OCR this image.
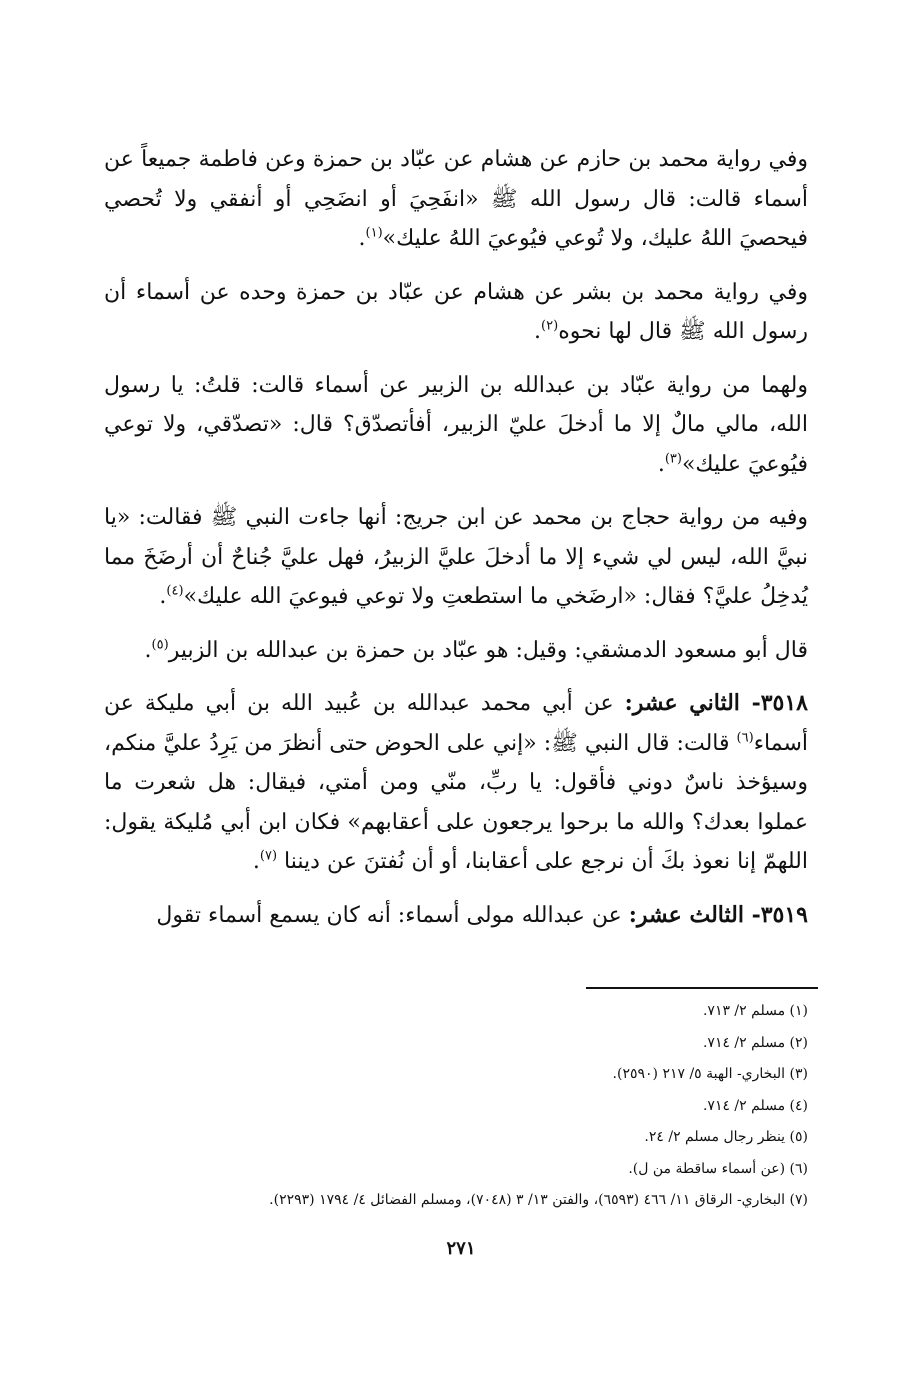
وفي رواية محمد بن حازم عن هشام عن عبّاد بن حمزة وعن فاطمة جميعاً عن أسماء قالت: قال رسول الله ﷺ «انفَحِيَ أو انضَحِي أو أنفقي ولا تُحصي فيحصيَ اللهُ عليك، ولا تُوعي فيُوعيَ اللهُ عليك»$^{(١)}$.

وفي رواية محمد بن بشر عن هشام عن عبّاد بن حمزة وحده عن أسماء أن رسول الله ﷺ قال لها نحوه$^{(٢)}$.

ولهما من رواية عبّاد بن عبدالله بن الزبير عن أسماء قالت: قلتُ: يا رسول الله، مالي مالٌ إلا ما أدخلَ عليّ الزبير، أفأتصدّق؟ قال: «تصدّقي، ولا توعي فيُوعيَ عليك»$^{(٣)}$.

وفيه من رواية حجاج بن محمد عن ابن جريج: أنها جاءت النبي ﷺ فقالت: «يا نبيَّ الله، ليس لي شيء إلا ما أدخلَ عليَّ الزبيرُ، فهل عليَّ جُناحٌ أن أرضَخَ مما يُدخِلُ عليَّ؟ فقال: «ارضَخي ما استطعتِ ولا توعي فيوعيَ الله عليك»$^{(٤)}$.

قال أبو مسعود الدمشقي: وقيل: هو عبّاد بن حمزة بن عبدالله بن الزبير$^{(٥)}$.

٣٥١٨- الثاني عشر: عن أبي محمد عبدالله بن عُبيد الله بن أبي مليكة عن أسماء$^{(٦)}$ قالت: قال النبي ﷺ: «إني على الحوض حتى أنظرَ من يَرِدُ عليَّ منكم، وسيؤخذ ناسٌ دوني فأقول: يا ربِّ، منّي ومن أمتي، فيقال: هل شعرت ما عملوا بعدك؟ والله ما برحوا يرجعون على أعقابهم» فكان ابن أبي مُليكة يقول: اللهمّ إنا نعوذ بكَ أن نرجع على أعقابنا، أو أن نُفتنَ عن ديننا $^{(٧)}$.

٣٥١٩- الثالث عشر: عن عبدالله مولى أسماء: أنه كان يسمع أسماء تقول

(١) مسلم ٢/ ٧١٣.

(٢) مسلم ٢/ ٧١٤.

(٣) البخاري- الهبة ٥/ ٢١٧ (٢٥٩٠).

(٤) مسلم ٢/ ٧١٤.

(٥) ينظر رجال مسلم ٢/ ٢٤.

(٦) (عن أسماء ساقطة من ل).

(٧) البخاري- الرقاق ١١/ ٤٦٦ (٦٥٩٣)، والفتن ١٣/ ٣ (٧٠٤٨)، ومسلم الفضائل ٤/ ١٧٩٤ (٢٢٩٣).

٢٧١
